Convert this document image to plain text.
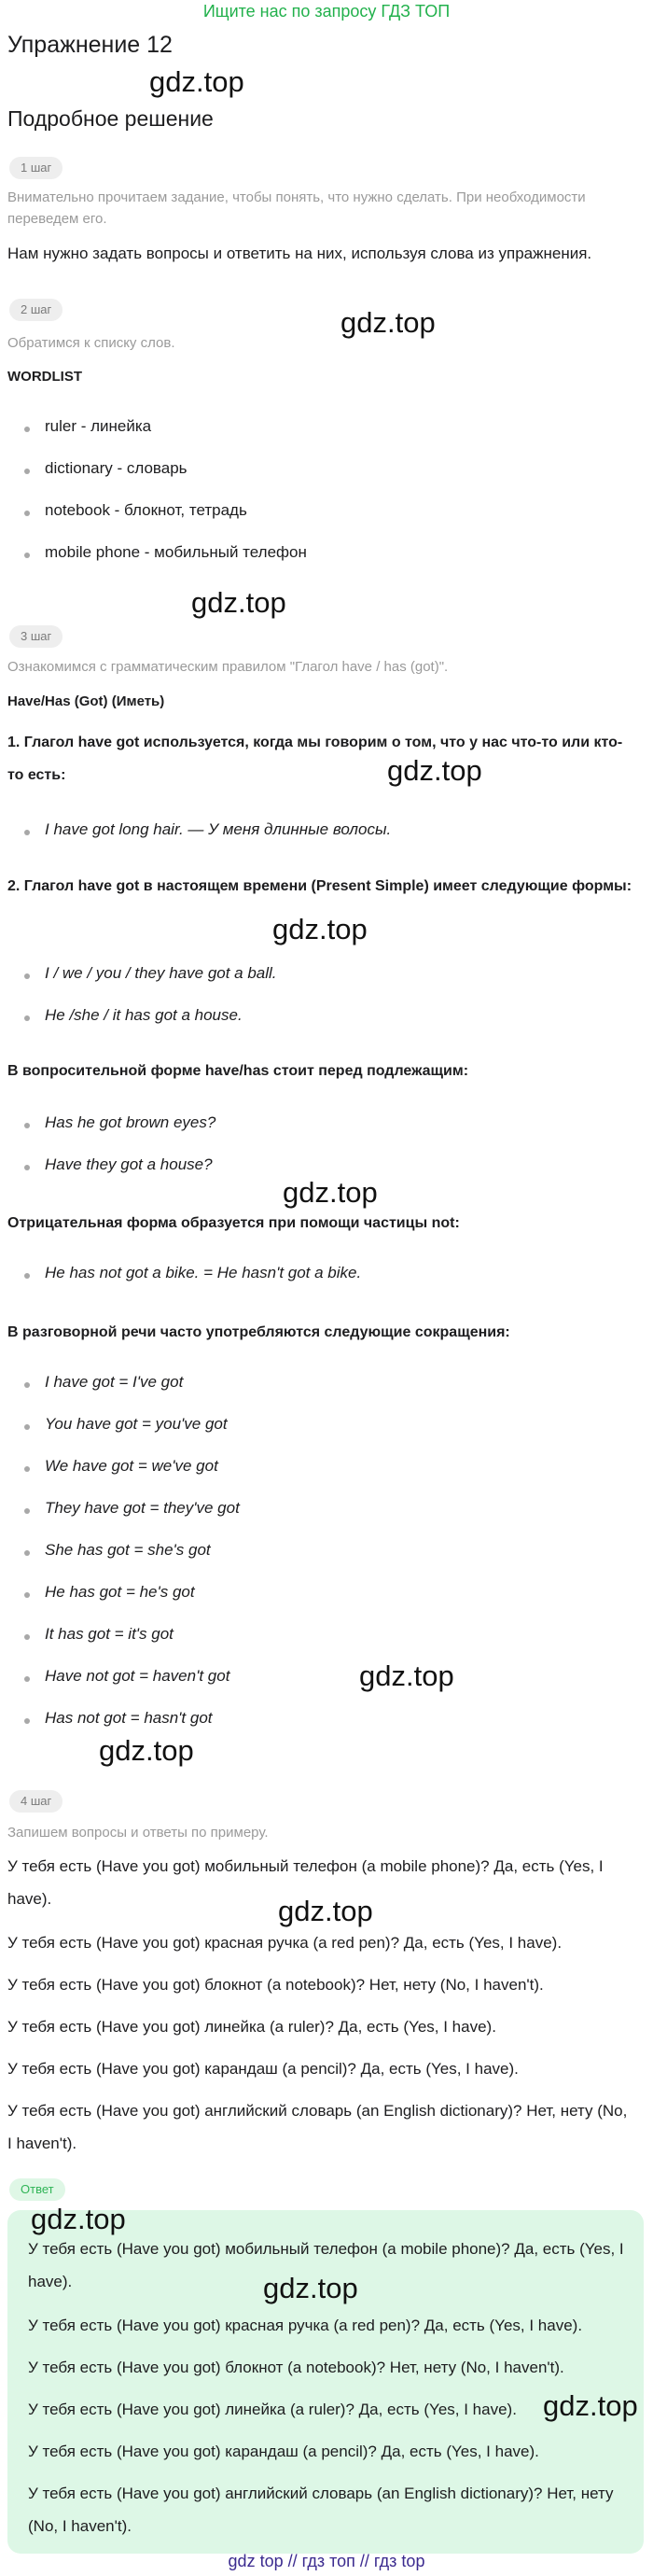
Ищите нас по запросу ГДЗ ТОП
Упражнение 12
Подробное решение
gdz.top
gdz.top
gdz.top
gdz.top
gdz.top
gdz.top
gdz.top
gdz.top
gdz.top
1 шаг
Внимательно прочитаем задание, чтобы понять, что нужно сделать. При необходимости переведем его.
Нам нужно задать вопросы и ответить на них, используя слова из упражнения.
2 шаг
Обратимся к списку слов.
WORDLIST
ruler - линейка
dictionary - словарь
notebook - блокнот, тетрадь
mobile phone - мобильный телефон
3 шаг
Ознакомимся с грамматическим правилом "Глагол have / has (got)".
Have/Has (Got) (Иметь)
1. Глагол have got используется, когда мы говорим о том, что у нас что-то или кто-то есть:
I have got long hair. — У меня длинные волосы.
2. Глагол have got в настоящем времени (Present Simple) имеет следующие формы:
I / we / you / they have got a ball.
He /she / it has got a house.
В вопросительной форме have/has стоит перед подлежащим:
Has he got brown eyes?
Have they got a house?
Отрицательная форма образуется при помощи частицы not:
He has not got a bike. = He hasn't got a bike.
В разговорной речи часто употребляются следующие сокращения:
I have got = I've got
You have got = you've got
We have got = we've got
They have got = they've got
She has got = she's got
He has got = he's got
It has got = it's got
Have not got = haven't got
Has not got = hasn't got
4 шаг
Запишем вопросы и ответы по примеру.
У тебя есть (Have you got) мобильный телефон (a mobile phone)? Да, есть (Yes, I have).
У тебя есть (Have you got) красная ручка (a red pen)? Да, есть (Yes, I have).
У тебя есть (Have you got) блокнот (a notebook)? Нет, нету (No, I haven't).
У тебя есть (Have you got) линейка (a ruler)? Да, есть (Yes, I have).
У тебя есть (Have you got) карандаш (a pencil)? Да, есть (Yes, I have).
У тебя есть (Have you got) английский словарь (an English dictionary)? Нет, нету (No, I haven't).
Ответ
У тебя есть (Have you got) мобильный телефон (a mobile phone)? Да, есть (Yes, I have).
У тебя есть (Have you got) красная ручка (a red pen)? Да, есть (Yes, I have).
У тебя есть (Have you got) блокнот (a notebook)? Нет, нету (No, I haven't).
У тебя есть (Have you got) линейка (a ruler)? Да, есть (Yes, I have).
У тебя есть (Have you got) карандаш (a pencil)? Да, есть (Yes, I have).
У тебя есть (Have you got) английский словарь (an English dictionary)? Нет, нету (No, I haven't).
gdz.top
gdz.top
gdz.top
gdz top // гдз топ // гдз top
